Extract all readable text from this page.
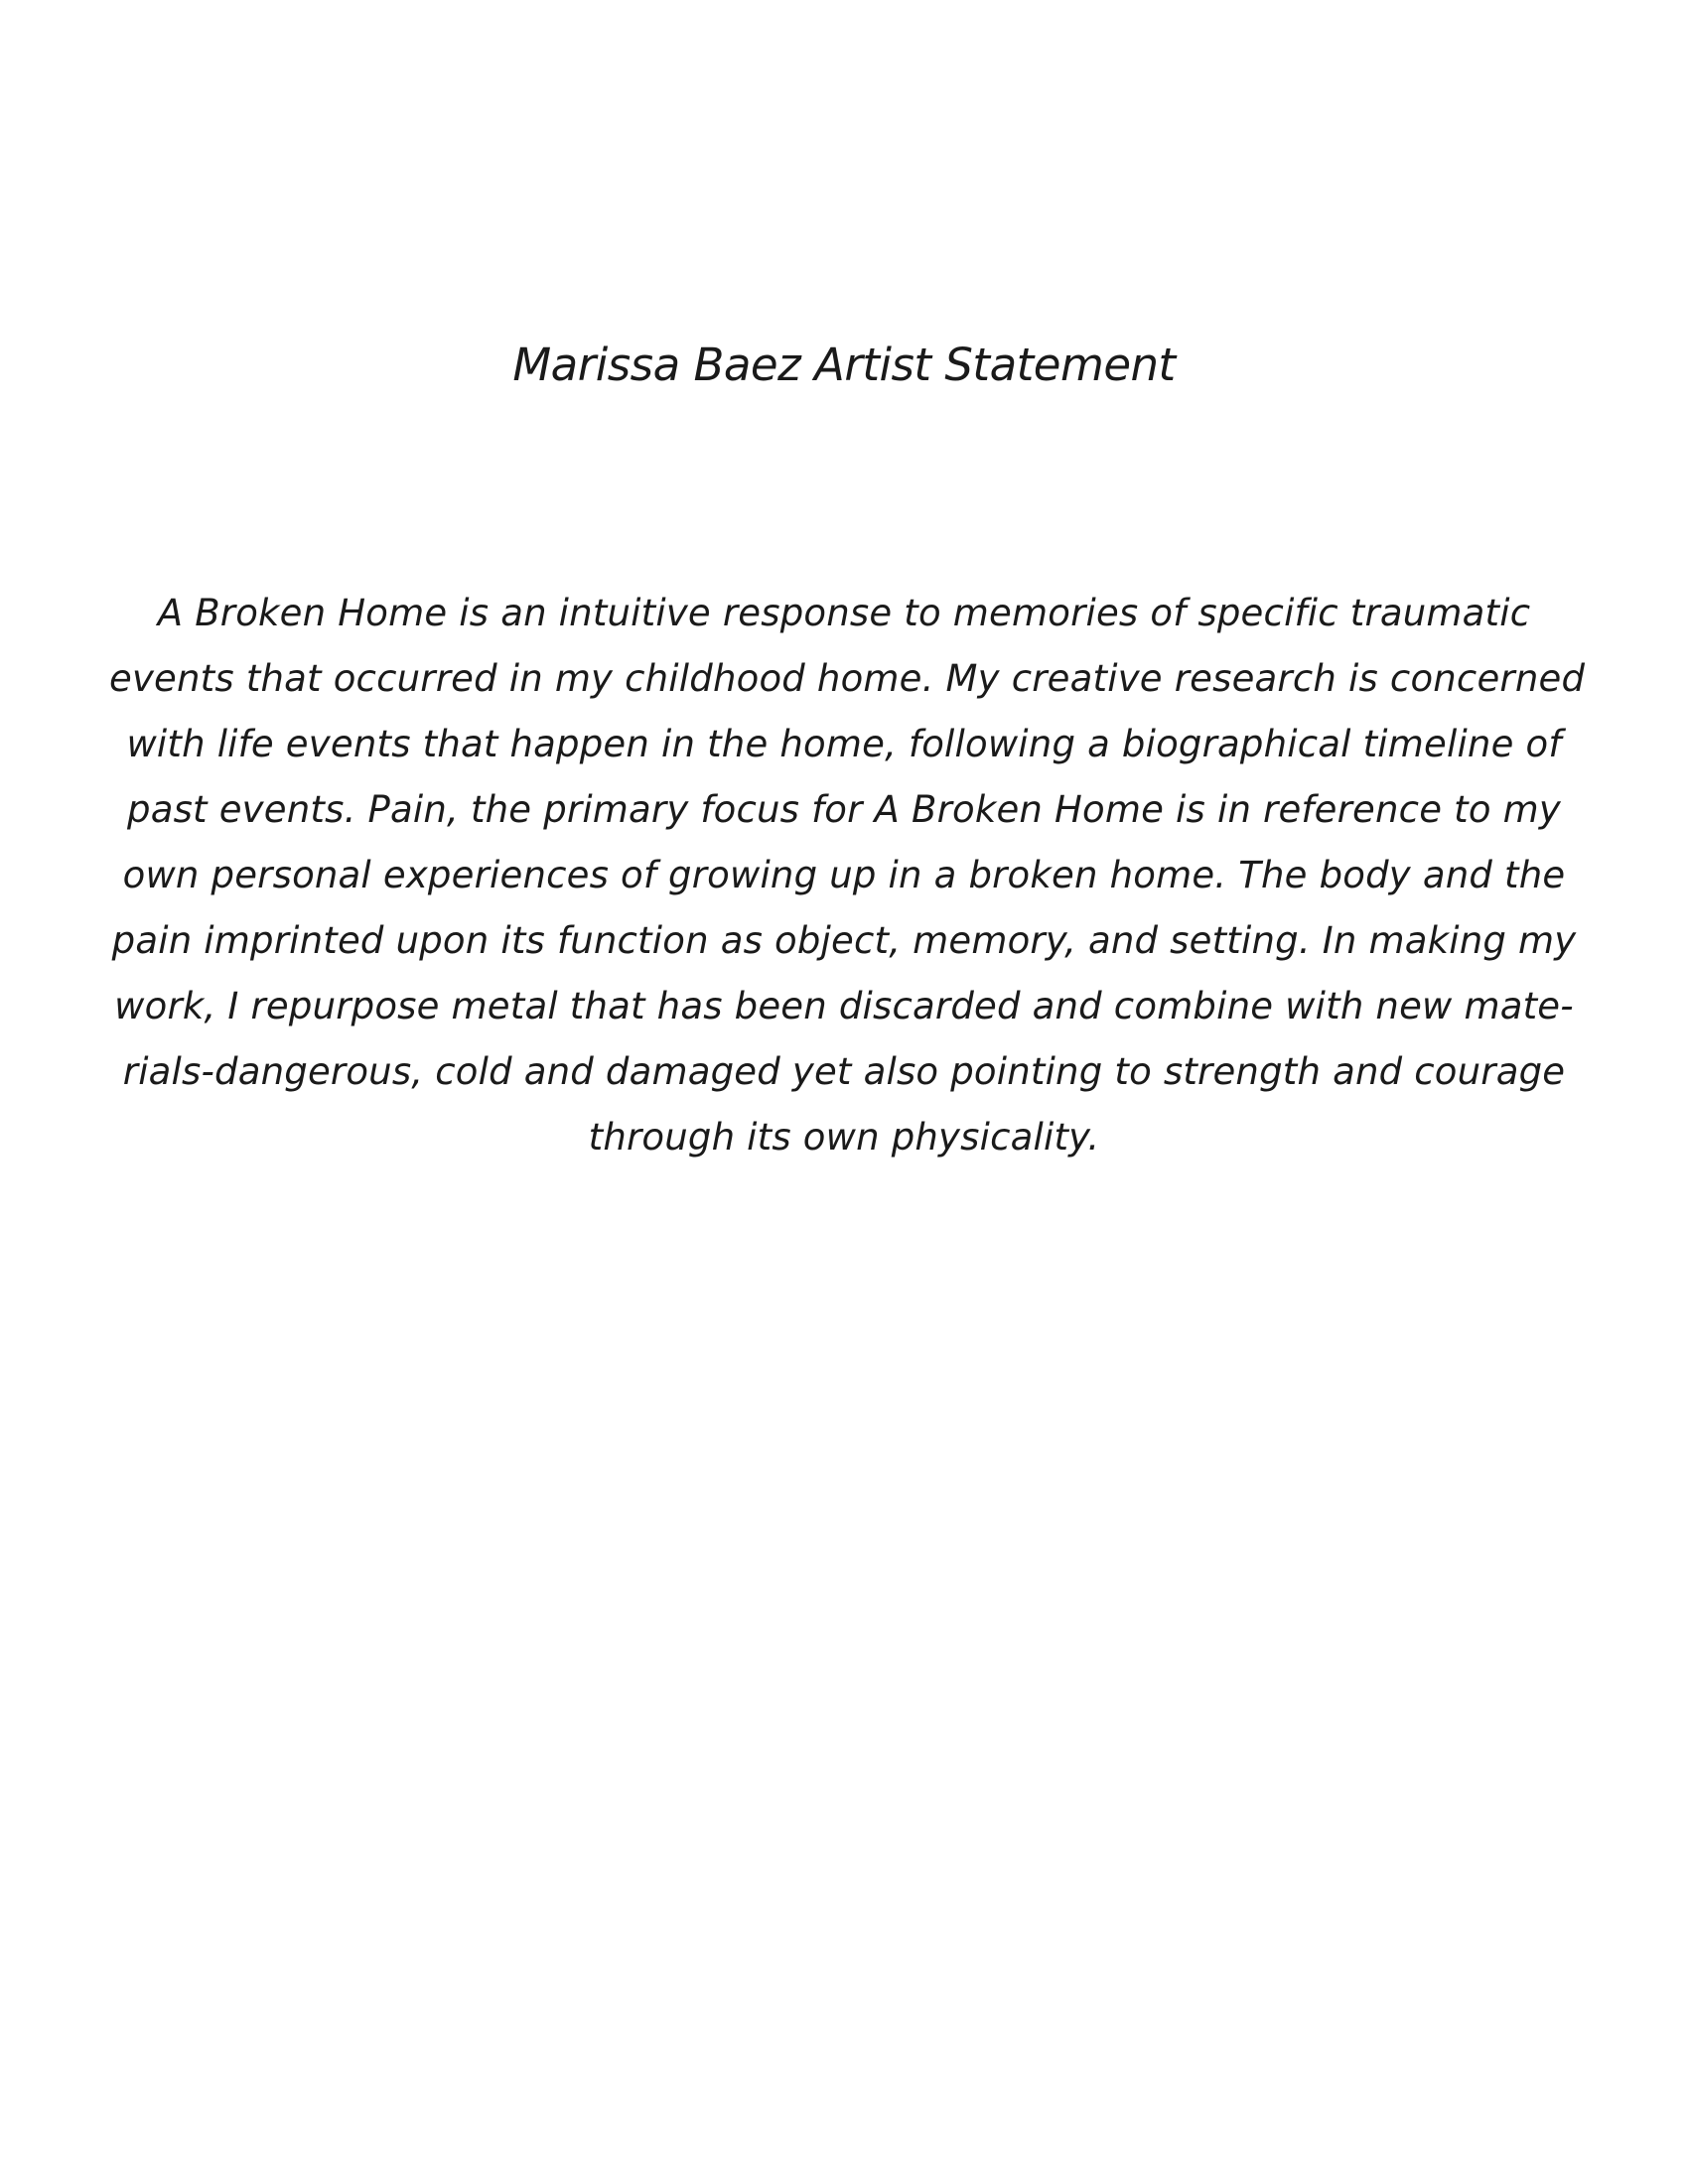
Marissa Baez Artist Statement

A Broken Home is an intuitive response to memories of specific traumatic
events that occurred in my childhood home. My creative research is concerned
with life events that happen in the home, following a biographical timeline of
past events. Pain, the primary focus for A Broken Home is in reference to my
own personal experiences of growing up in a broken home. The body and the
pain imprinted upon its function as object, memory, and setting. In making my
work, I repurpose metal that has been discarded and combine with new mate-
rials-dangerous, cold and damaged yet also pointing to strength and courage
through its own physicality.
